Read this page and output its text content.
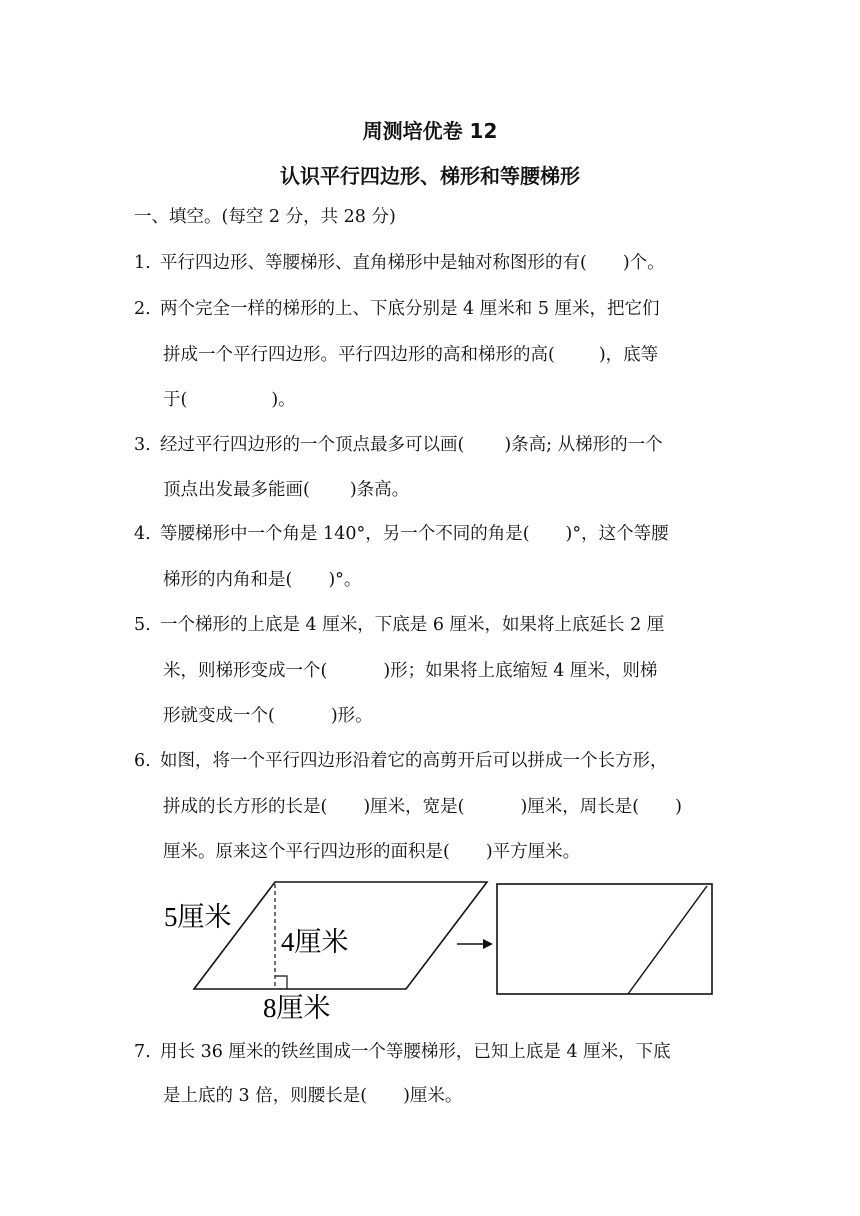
周测培优卷 12
认识平行四边形、梯形和等腰梯形
一、填空。(每空 2 分，共 28 分)
1. 平行四边形、等腰梯形、直角梯形中是轴对称图形的有( )个。
2. 两个完全一样的梯形的上、下底分别是 4 厘米和 5 厘米，把它们
拼成一个平行四边形。平行四边形的高和梯形的高(	)，底等
于(	)。
3. 经过平行四边形的一个顶点最多可以画( )条高; 从梯形的一个
顶点出发最多能画( )条高。
4. 等腰梯形中一个角是 140°，另一个不同的角是( )°，这个等腰
梯形的内角和是( )°。
5. 一个梯形的上底是 4 厘米，下底是 6 厘米，如果将上底延长 2 厘
米，则梯形变成一个(	)形；如果将上底缩短 4 厘米，则梯
形就变成一个(	)形。
6. 如图，将一个平行四边形沿着它的高剪开后可以拼成一个长方形，
拼成的长方形的长是( )厘米，宽是(	)厘米，周长是( )
厘米。原来这个平行四边形的面积是( )平方厘米。
5厘米
4厘米
8厘米
7. 用长 36 厘米的铁丝围成一个等腰梯形，已知上底是 4 厘米，下底
是上底的 3 倍，则腰长是( )厘米。
